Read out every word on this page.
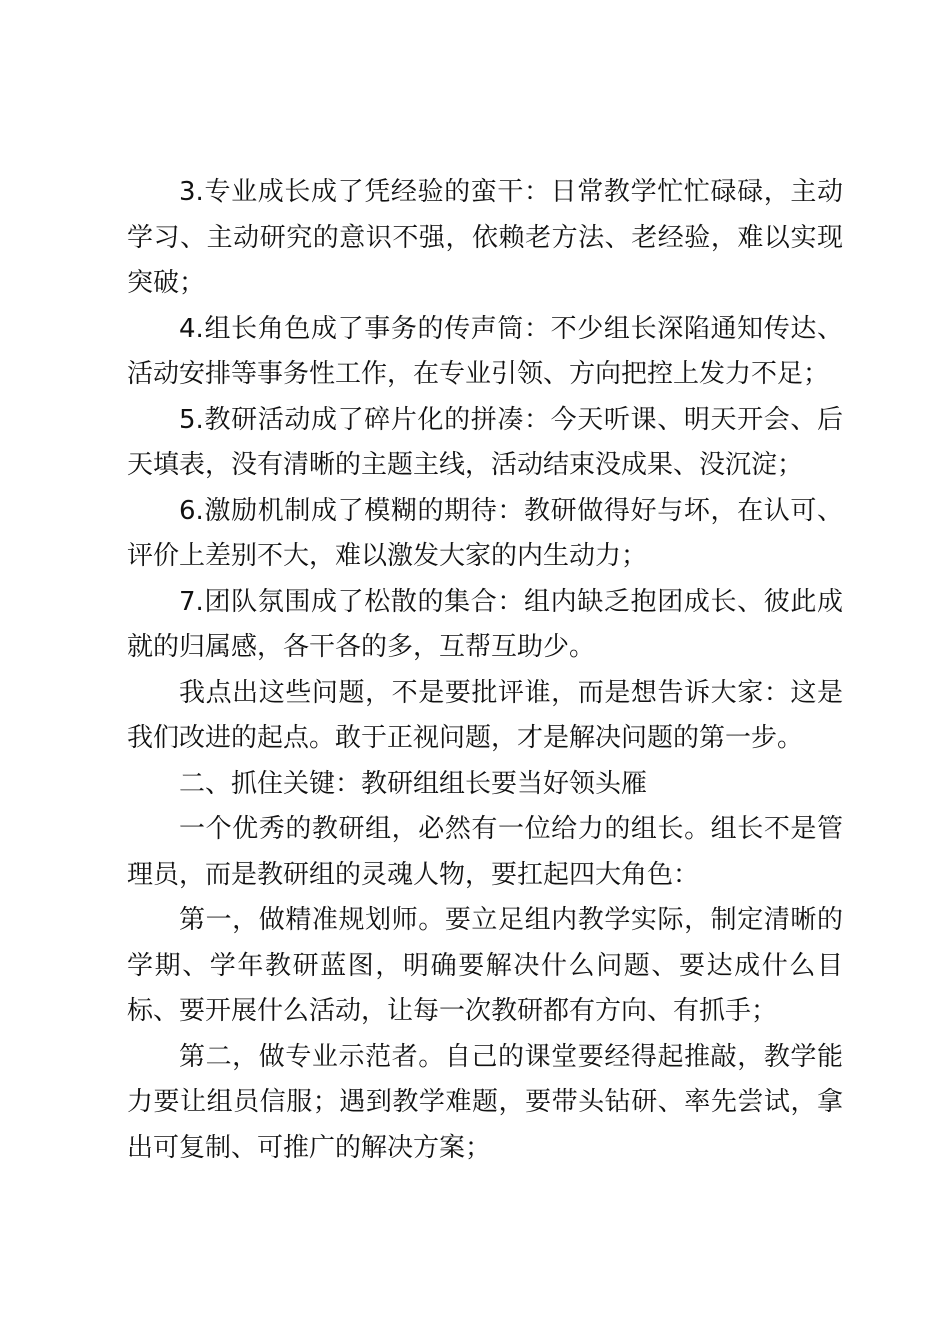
3.专业成长成了凭经验的蛮干：日常教学忙忙碌碌，主动学习、主动研究的意识不强，依赖老方法、老经验，难以实现突破；

4.组长角色成了事务的传声筒：不少组长深陷通知传达、活动安排等事务性工作，在专业引领、方向把控上发力不足；

5.教研活动成了碎片化的拼凑：今天听课、明天开会、后天填表，没有清晰的主题主线，活动结束没成果、没沉淀；

6.激励机制成了模糊的期待：教研做得好与坏，在认可、评价上差别不大，难以激发大家的内生动力；

7.团队氛围成了松散的集合：组内缺乏抱团成长、彼此成就的归属感，各干各的多，互帮互助少。

我点出这些问题，不是要批评谁，而是想告诉大家：这是我们改进的起点。敢于正视问题，才是解决问题的第一步。

二、抓住关键：教研组组长要当好领头雁

一个优秀的教研组，必然有一位给力的组长。组长不是管理员，而是教研组的灵魂人物，要扛起四大角色：

第一，做精准规划师。要立足组内教学实际，制定清晰的学期、学年教研蓝图，明确要解决什么问题、要达成什么目标、要开展什么活动，让每一次教研都有方向、有抓手；

第二，做专业示范者。自己的课堂要经得起推敲，教学能力要让组员信服；遇到教学难题，要带头钻研、率先尝试，拿出可复制、可推广的解决方案；
